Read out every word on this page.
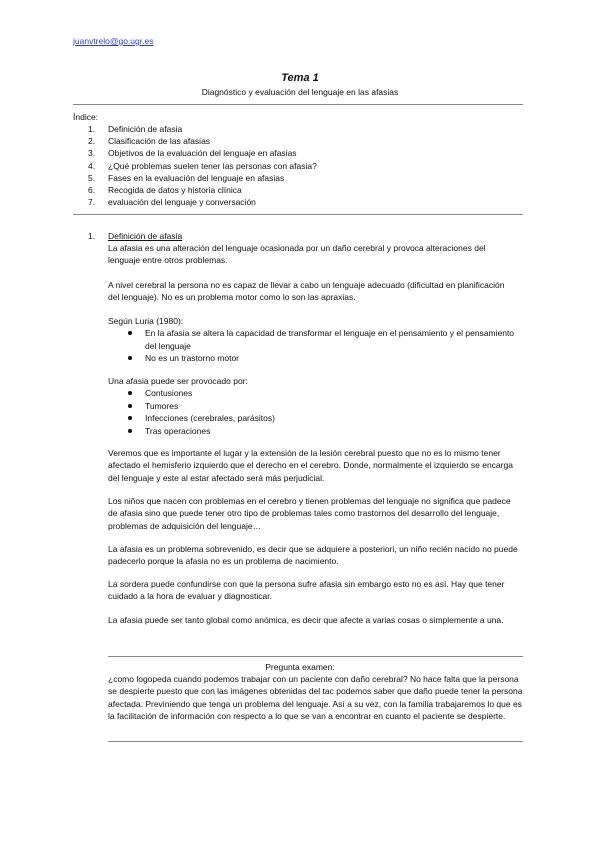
juanvtrelo@go.ugr.es
Tema 1
Diagnóstico y evaluación del lenguaje en las afasias
Índice:
1. Definición de afasia
2. Clasificación de las afasias
3. Objetivos de la evaluación del lenguaje en afasias
4. ¿Qué problemas suelen tener las personas con afasia?
5. Fases en la evaluación del lenguaje en afasias
6. Recogida de datos y historia clínica
7. evaluación del lenguaje y conversación
1. Definición de afasia

La afasia es una alteración del lenguaje ocasionada por un daño cerebral y provoca alteraciones del lenguaje entre otros problemas.

A nivel cerebral la persona no es capaz de llevar a cabo un lenguaje adecuado (dificultad en planificación del lenguaje). No es un problema motor como lo son las apraxias.

Según Luria (1980):

En la afasia se altera la capacidad de transformar el lenguaje en el pensamiento y el pensamiento del lenguaje
No es un trastorno motor

Una afasia puede ser provocado por:

Contusiones
Tumores
Infecciones (cerebrales, parásitos)
Tras operaciones

Veremos que es importante el lugar y la extensión de la lesión cerebral puesto que no es lo mismo tener afectado el hemisferio izquierdo que el derecho en el cerebro. Donde, normalmente el izquierdo se encarga del lenguaje y este al estar afectado será más perjudicial.

Los niños que nacen con problemas en el cerebro y tienen problemas del lenguaje no significa que padece de afasia sino que puede tener otro tipo de problemas tales como trastornos del desarrollo del lenguaje, problemas de adquisición del lenguaje…

La afasia es un problema sobrevenido, es decir que se adquiere a posteriori, un niño recién nacido no puede padecerlo porque la afasia no es un problema de nacimiento.

La sordera puede confundirse con que la persona sufre afasia sin embargo esto no es así. Hay que tener cuidado a la hora de evaluar y diagnosticar.

La afasia puede ser tanto global como anómica, es decir que afecte a varias cosas o simplemente a una.

Pregunta examen:

¿como logopeda cuando podemos trabajar con un paciente con daño cerebral? No hace falta que la persona se despierte puesto que con las imágenes obtenidas del tac podemos saber que daño puede tener la persona afectada. Previniendo que tenga un problema del lenguaje. Así a su vez, con la familia trabajaremos lo que es la facilitación de información con respecto a lo que se van a encontrar en cuanto el paciente se despierte.
